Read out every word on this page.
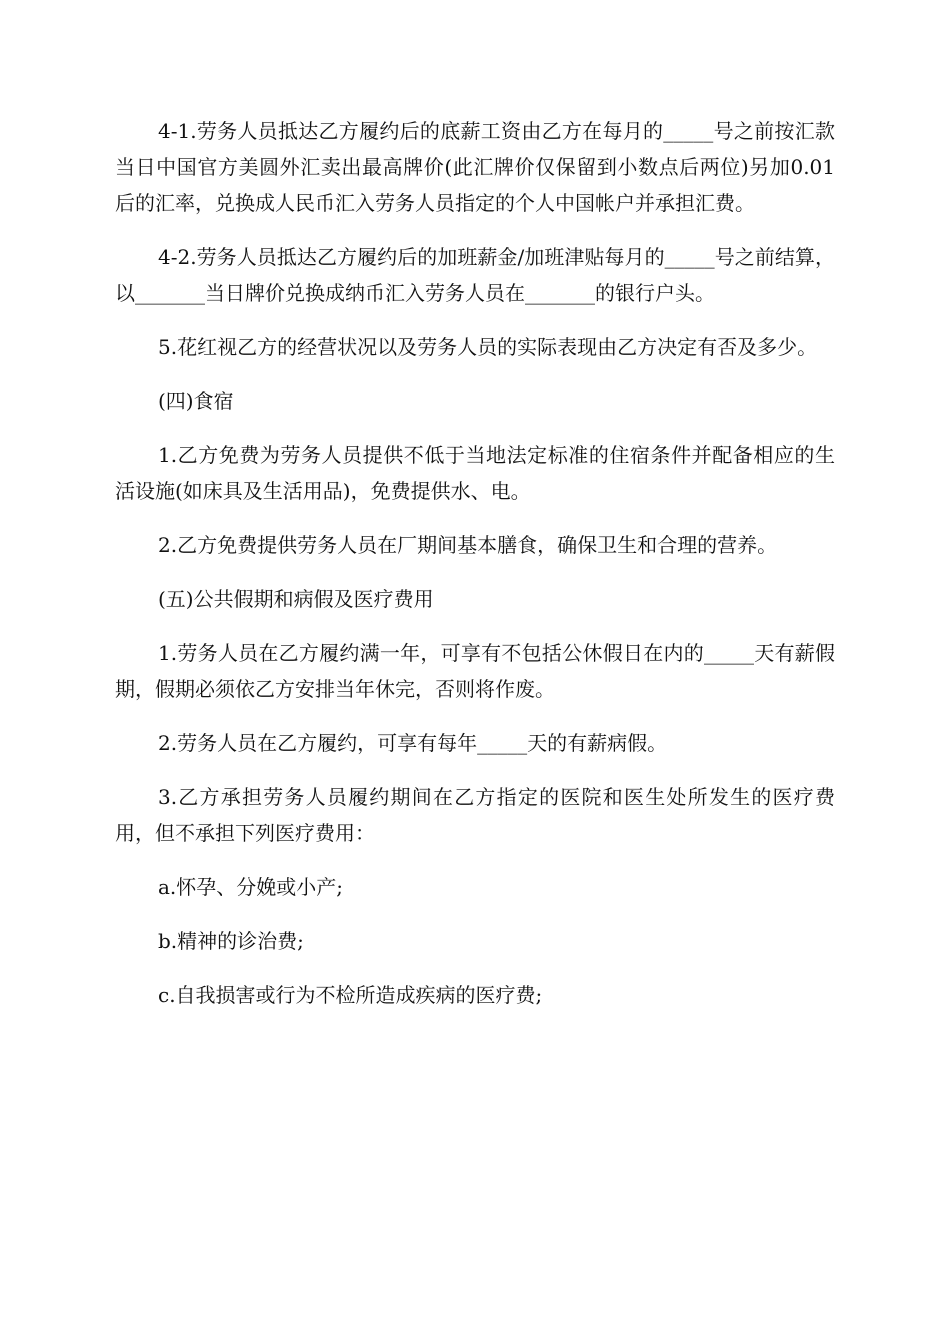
4-1.劳务人员抵达乙方履约后的底薪工资由乙方在每月的_____号之前按汇款当日中国官方美圆外汇卖出最高牌价(此汇牌价仅保留到小数点后两位)另加0.01后的汇率，兑换成人民币汇入劳务人员指定的个人中国帐户并承担汇费。

4-2.劳务人员抵达乙方履约后的加班薪金/加班津贴每月的_____号之前结算，以_______当日牌价兑换成纳币汇入劳务人员在_______的银行户头。

5.花红视乙方的经营状况以及劳务人员的实际表现由乙方决定有否及多少。

(四)食宿

1.乙方免费为劳务人员提供不低于当地法定标准的住宿条件并配备相应的生活设施(如床具及生活用品)，免费提供水、电。

2.乙方免费提供劳务人员在厂期间基本膳食，确保卫生和合理的营养。

(五)公共假期和病假及医疗费用

1.劳务人员在乙方履约满一年，可享有不包括公休假日在内的_____天有薪假期，假期必须依乙方安排当年休完，否则将作废。

2.劳务人员在乙方履约，可享有每年_____天的有薪病假。

3.乙方承担劳务人员履约期间在乙方指定的医院和医生处所发生的医疗费用，但不承担下列医疗费用：

a.怀孕、分娩或小产;

b.精神的诊治费;

c.自我损害或行为不检所造成疾病的医疗费;
